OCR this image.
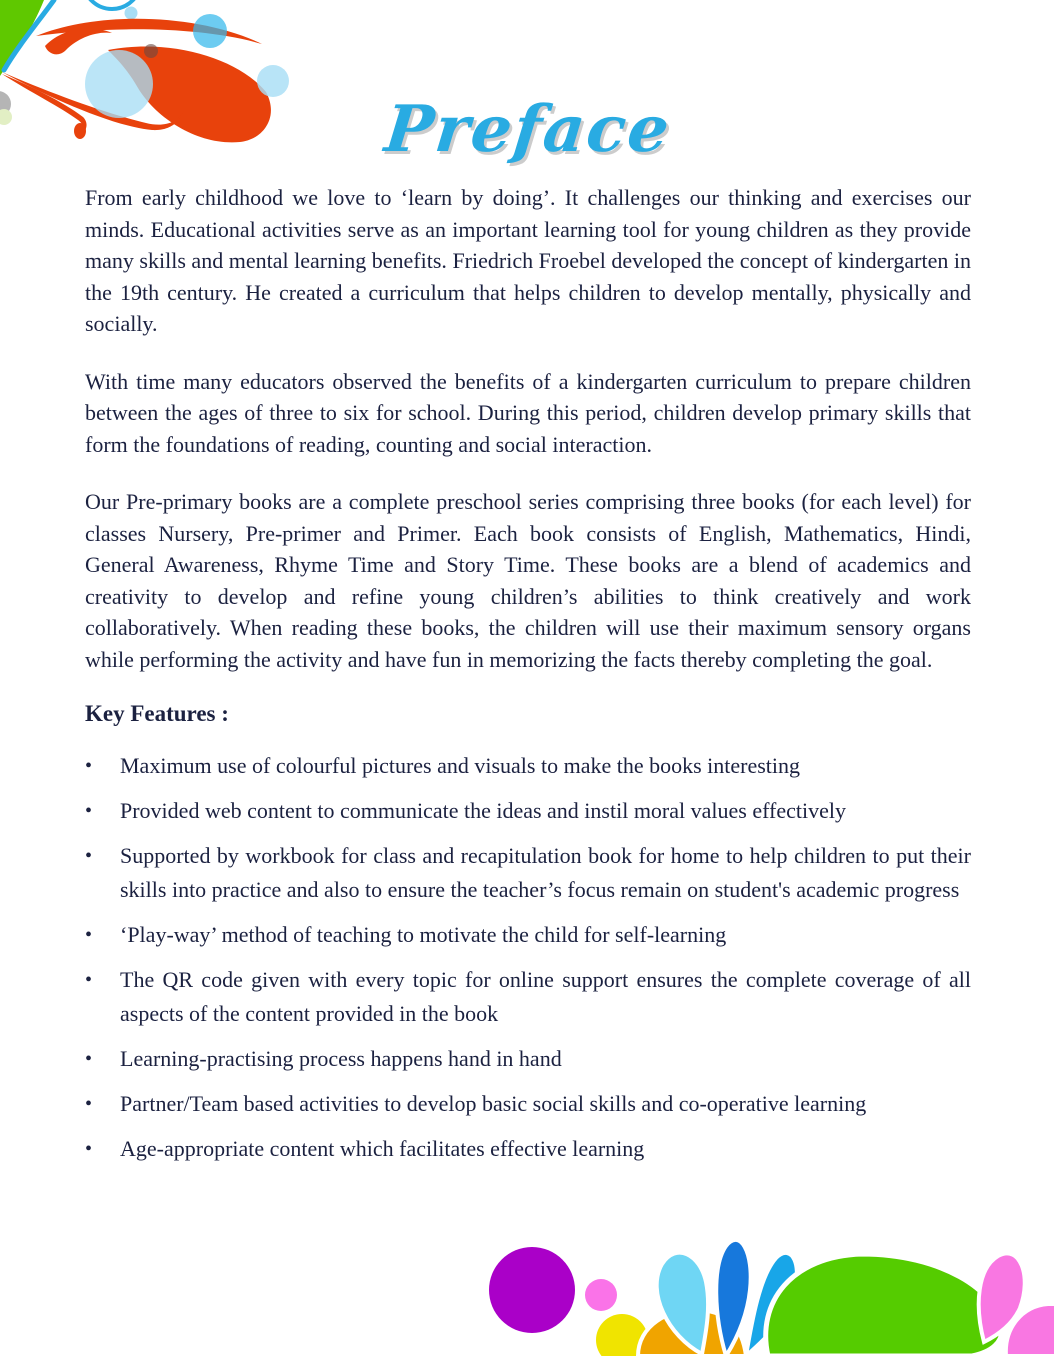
Preface

From early childhood we love to ‘learn by doing’. It challenges our thinking and exercises our minds. Educational activities serve as an important learning tool for young children as they provide many skills and mental learning benefits. Friedrich Froebel developed the concept of kindergarten in the 19th century. He created a curriculum that helps children to develop mentally, physically and socially.

With time many educators observed the benefits of a kindergarten curriculum to prepare children between the ages of three to six for school. During this period, children develop primary skills that form the foundations of reading, counting and social interaction.

Our Pre-primary books are a complete preschool series comprising three books (for each level) for classes Nursery, Pre-primer and Primer. Each book consists of English, Mathematics, Hindi, General Awareness, Rhyme Time and Story Time. These books are a blend of academics and creativity to develop and refine young children’s abilities to think creatively and work collaboratively. When reading these books, the children will use their maximum sensory organs while performing the activity and have fun in memorizing the facts thereby completing the goal.

Key Features :
•	Maximum use of colourful pictures and visuals to make the books interesting
•	Provided web content to communicate the ideas and instil moral values effectively
•	Supported by workbook for class and recapitulation book for home to help children to put their skills into practice and also to ensure the teacher’s focus remain on student's academic progress
•	‘Play-way’ method of teaching to motivate the child for self-learning
•	The QR code given with every topic for online support ensures the complete coverage of all aspects of the content provided in the book
•	Learning-practising process happens hand in hand
•	Partner/Team based activities to develop basic social skills and co-operative learning
•	Age-appropriate content which facilitates effective learning
